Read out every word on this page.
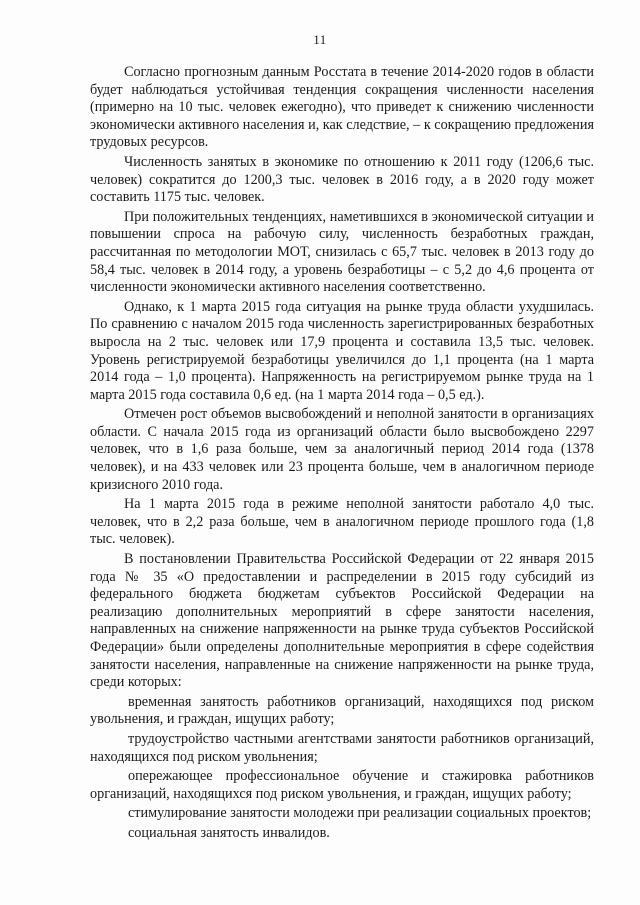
11

Согласно прогнозным данным Росстата в течение 2014-2020 годов в области будет наблюдаться устойчивая тенденция сокращения численности населения (примерно на 10 тыс. человек ежегодно), что приведет к снижению численности экономически активного населения и, как следствие, – к сокращению предложения трудовых ресурсов.

Численность занятых в экономике по отношению к 2011 году (1206,6 тыс. человек) сократится до 1200,3 тыс. человек в 2016 году, а в 2020 году может составить 1175 тыс. человек.

При положительных тенденциях, наметившихся в экономической ситуации и повышении спроса на рабочую силу, численность безработных граждан, рассчитанная по методологии МОТ, снизилась с 65,7 тыс. человек в 2013 году до 58,4 тыс. человек в 2014 году, а уровень безработицы – с 5,2 до 4,6 процента от численности экономически активного населения соответственно.

Однако, к 1 марта 2015 года ситуация на рынке труда области ухудшилась. По сравнению с началом 2015 года численность зарегистрированных безработных выросла на 2 тыс. человек или 17,9 процента и составила 13,5 тыс. человек. Уровень регистрируемой безработицы увеличился до 1,1 процента (на 1 марта 2014 года – 1,0 процента). Напряженность на регистрируемом рынке труда на 1 марта 2015 года составила 0,6 ед. (на 1 марта 2014 года – 0,5 ед.).

Отмечен рост объемов высвобождений и неполной занятости в организациях области. С начала 2015 года из организаций области было высвобождено 2297 человек, что в 1,6 раза больше, чем за аналогичный период 2014 года (1378 человек), и на 433 человек или 23 процента больше, чем в аналогичном периоде кризисного 2010 года.

На 1 марта 2015 года в режиме неполной занятости работало 4,0 тыс. человек, что в 2,2 раза больше, чем в аналогичном периоде прошлого года (1,8 тыс. человек).

В постановлении Правительства Российской Федерации от 22 января 2015 года № 35 «О предоставлении и распределении в 2015 году субсидий из федерального бюджета бюджетам субъектов Российской Федерации на реализацию дополнительных мероприятий в сфере занятости населения, направленных на снижение напряженности на рынке труда субъектов Российской Федерации» были определены дополнительные мероприятия в сфере содействия занятости населения, направленные на снижение напряженности на рынке труда, среди которых:

временная занятость работников организаций, находящихся под риском увольнения, и граждан, ищущих работу;

трудоустройство частными агентствами занятости работников организаций, находящихся под риском увольнения;

опережающее профессиональное обучение и стажировка работников организаций, находящихся под риском увольнения, и граждан, ищущих работу;

стимулирование занятости молодежи при реализации социальных проектов;

социальная занятость инвалидов.
